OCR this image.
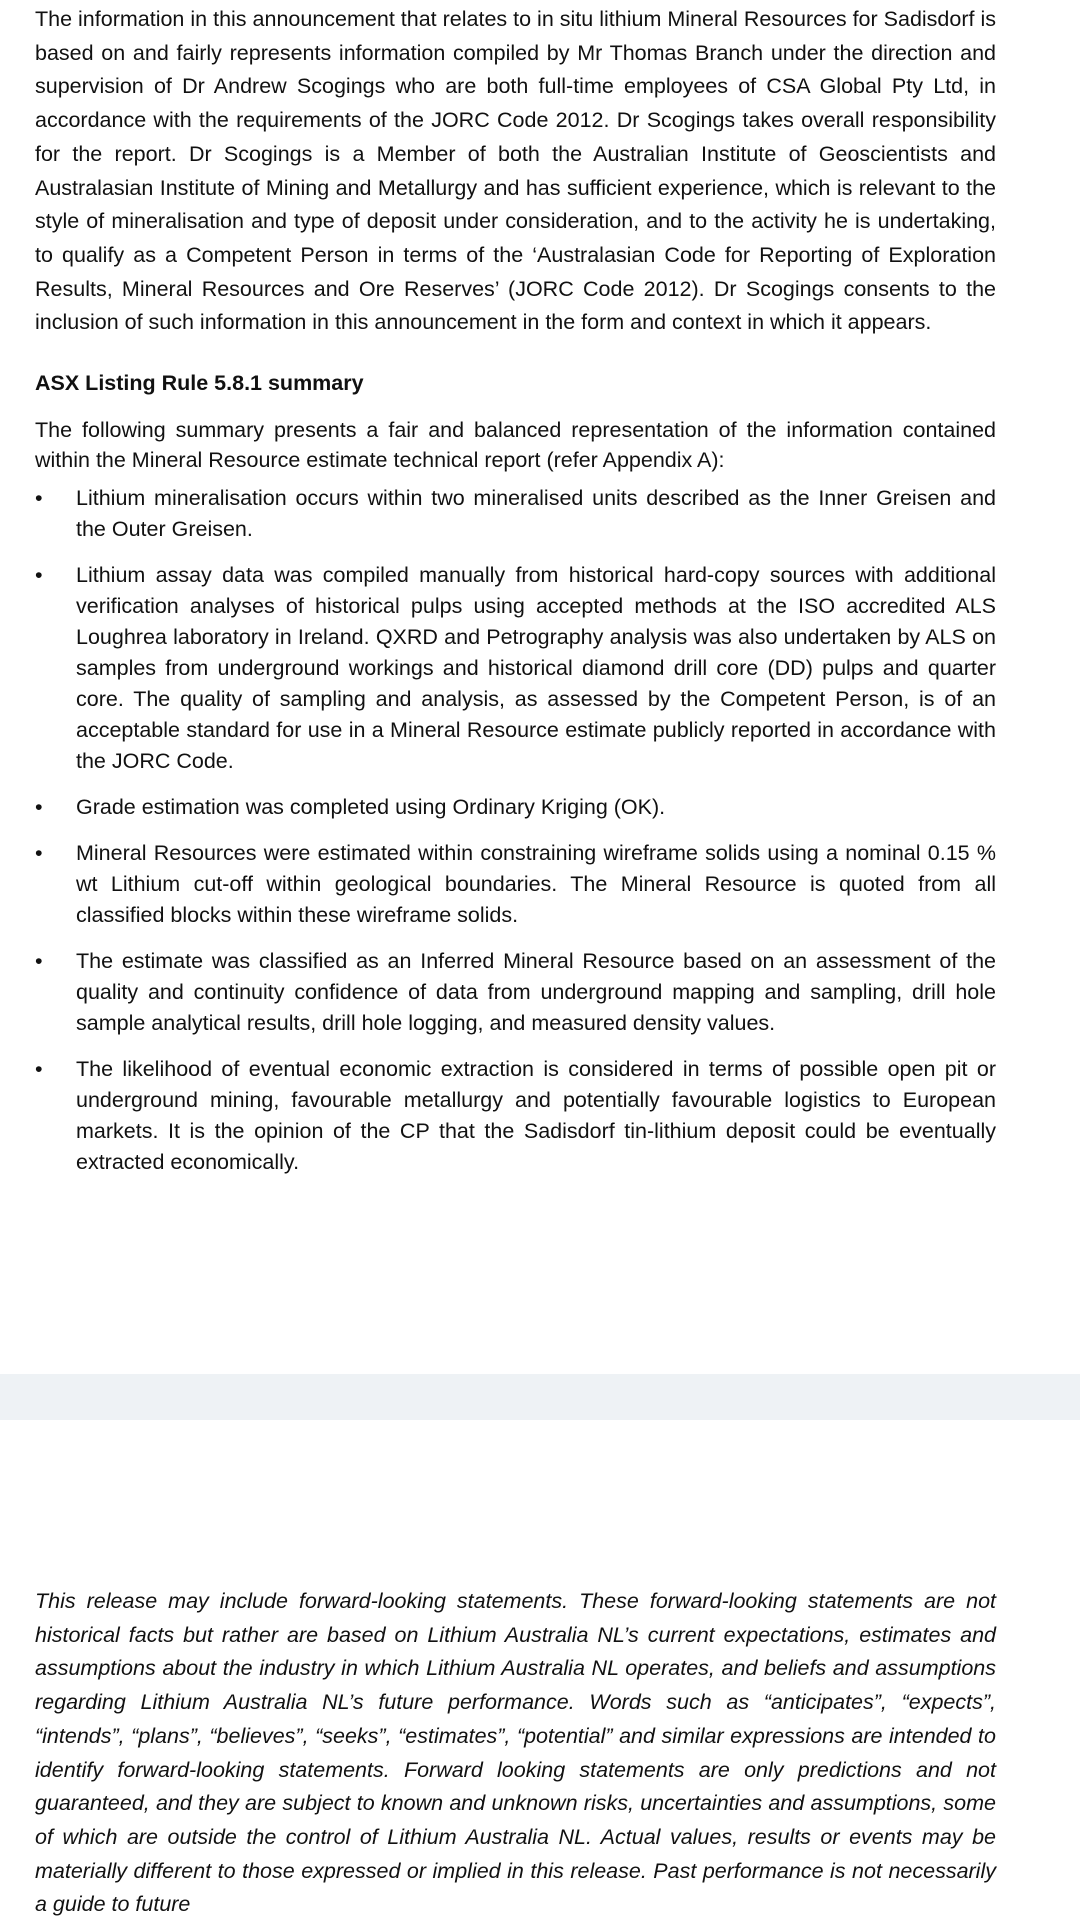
The information in this announcement that relates to in situ lithium Mineral Resources for Sadisdorf is based on and fairly represents information compiled by Mr Thomas Branch under the direction and supervision of Dr Andrew Scogings who are both full-time employees of CSA Global Pty Ltd, in accordance with the requirements of the JORC Code 2012. Dr Scogings takes overall responsibility for the report. Dr Scogings is a Member of both the Australian Institute of Geoscientists and Australasian Institute of Mining and Metallurgy and has sufficient experience, which is relevant to the style of mineralisation and type of deposit under consideration, and to the activity he is undertaking, to qualify as a Competent Person in terms of the ‘Australasian Code for Reporting of Exploration Results, Mineral Resources and Ore Reserves’ (JORC Code 2012). Dr Scogings consents to the inclusion of such information in this announcement in the form and context in which it appears.

ASX Listing Rule 5.8.1 summary

The following summary presents a fair and balanced representation of the information contained within the Mineral Resource estimate technical report (refer Appendix A):

•	Lithium mineralisation occurs within two mineralised units described as the Inner Greisen and the Outer Greisen.
•	Lithium assay data was compiled manually from historical hard-copy sources with additional verification analyses of historical pulps using accepted methods at the ISO accredited ALS Loughrea laboratory in Ireland. QXRD and Petrography analysis was also undertaken by ALS on samples from underground workings and historical diamond drill core (DD) pulps and quarter core. The quality of sampling and analysis, as assessed by the Competent Person, is of an acceptable standard for use in a Mineral Resource estimate publicly reported in accordance with the JORC Code.
•	Grade estimation was completed using Ordinary Kriging (OK).
•	Mineral Resources were estimated within constraining wireframe solids using a nominal 0.15 % wt Lithium cut-off within geological boundaries. The Mineral Resource is quoted from all classified blocks within these wireframe solids.
•	The estimate was classified as an Inferred Mineral Resource based on an assessment of the quality and continuity confidence of data from underground mapping and sampling, drill hole sample analytical results, drill hole logging, and measured density values.
•	The likelihood of eventual economic extraction is considered in terms of possible open pit or underground mining, favourable metallurgy and potentially favourable logistics to European markets. It is the opinion of the CP that the Sadisdorf tin-lithium deposit could be eventually extracted economically.

This release may include forward-looking statements. These forward-looking statements are not historical facts but rather are based on Lithium Australia NL’s current expectations, estimates and assumptions about the industry in which Lithium Australia NL operates, and beliefs and assumptions regarding Lithium Australia NL’s future performance. Words such as “anticipates”, “expects”, “intends”, “plans”, “believes”, “seeks”, “estimates”, “potential” and similar expressions are intended to identify forward-looking statements. Forward looking statements are only predictions and not guaranteed, and they are subject to known and unknown risks, uncertainties and assumptions, some of which are outside the control of Lithium Australia NL. Actual values, results or events may be materially different to those expressed or implied in this release. Past performance is not necessarily a guide to future
